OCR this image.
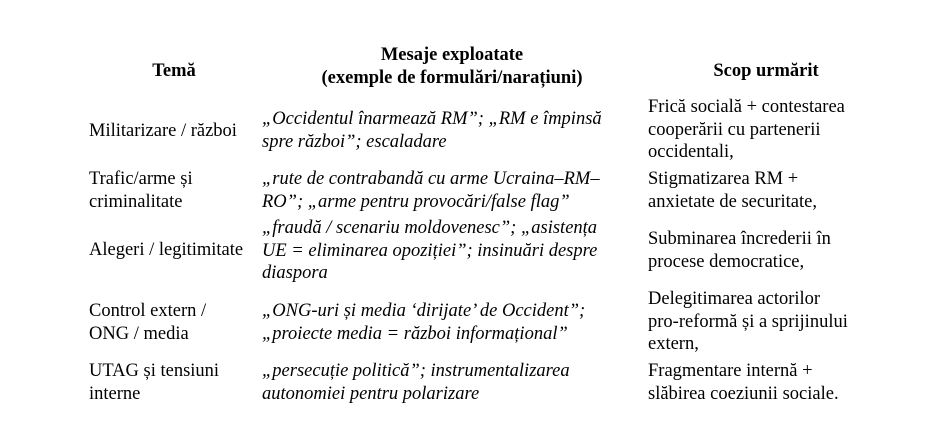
Temă
Mesaje exploatate
(exemple de formulări/narațiuni)	Scop urmărit
Militarizare / război
„Occidentul înarmează RM”; „RM e împinsă
spre război”; escaladare
Frică socială + contestarea
cooperării cu partenerii
occidentali,
Trafic/arme și
criminalitate
„rute de contrabandă cu arme Ucraina–RM–
RO”; „arme pentru provocări/false flag”
Stigmatizarea RM +
anxietate de securitate,
Alegeri / legitimitate
„fraudă / scenariu moldovenesc”; „asistența
UE = eliminarea opoziției”; insinuări despre
diaspora
Subminarea încrederii în
procese democratice,
Control extern /
ONG / media
„ONG-uri și media ‘dirijate’ de Occident”;
„proiecte media = război informațional”
Delegitimarea actorilor
pro-reformă și a sprijinului
extern,
UTAG și tensiuni
interne
„persecuție politică”; instrumentalizarea
autonomiei pentru polarizare
Fragmentare internă +
slăbirea coeziunii sociale.
